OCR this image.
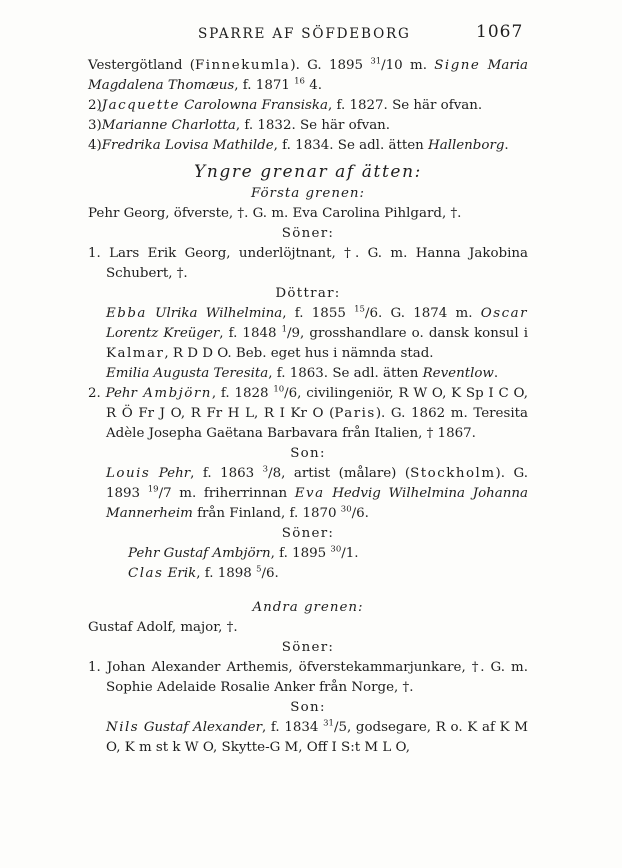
SPARRE AF SÖFDEBORG	1067

Vestergötland (Finnekumla). G. 1895 $^{31}$/10 m. Signe Maria Magdalena Thomæus, f. 1871 $^{16}$ 4.

2)Jacquette Carolowna Fransiska, f. 1827. Se här ofvan.

3)Marianne Charlotta, f. 1832. Se här ofvan.

4)Fredrika Lovisa Mathilde, f. 1834. Se adl. ätten Hallenborg.

Yngre grenar af ätten:

Första grenen:

Pehr Georg, öfverste, †. G. m. Eva Carolina Pihlgard, †.

Söner:

1. Lars Erik Georg, underlöjtnant, †. G. m. Hanna Jakobina Schubert, †.

Döttrar:

Ebba Ulrika Wilhelmina, f. 1855 $^{15}$/6. G. 1874 m. Oscar Lorentz Kreüger, f. 1848 $^1$/9, grosshandlare o. dansk konsul i Kalmar, R D D O. Beb. eget hus i nämnda stad.

Emilia Augusta Teresita, f. 1863. Se adl. ätten Reventlow.

2. Pehr Ambjörn, f. 1828 $^{10}$/6, civilingeniör, R W O, K Sp I C O, R Ö Fr J O, R Fr H L, R I Kr O (Paris). G. 1862 m. Teresita Adèle Josepha Gaëtana Barbavara från Italien, † 1867.

Son:

Louis Pehr, f. 1863 $^3$/8, artist (målare) (Stockholm). G. 1893 $^{19}$/7 m. friherrinnan Eva Hedvig Wilhelmina Johanna Mannerheim från Finland, f. 1870 $^{30}$/6.

Söner:

Pehr Gustaf Ambjörn, f. 1895 $^{30}$/1.

Clas Erik, f. 1898 $^5$/6.

Andra grenen:

Gustaf Adolf, major, †.

Söner:

1. Johan Alexander Arthemis, öfverstekammarjunkare, †. G. m. Sophie Adelaide Rosalie Anker från Norge, †.

Son:

Nils Gustaf Alexander, f. 1834 $^{31}$/5, godsegare, R o. K af K M O, K m st k W O, Skytte-G M, Off I S:t M L O,
